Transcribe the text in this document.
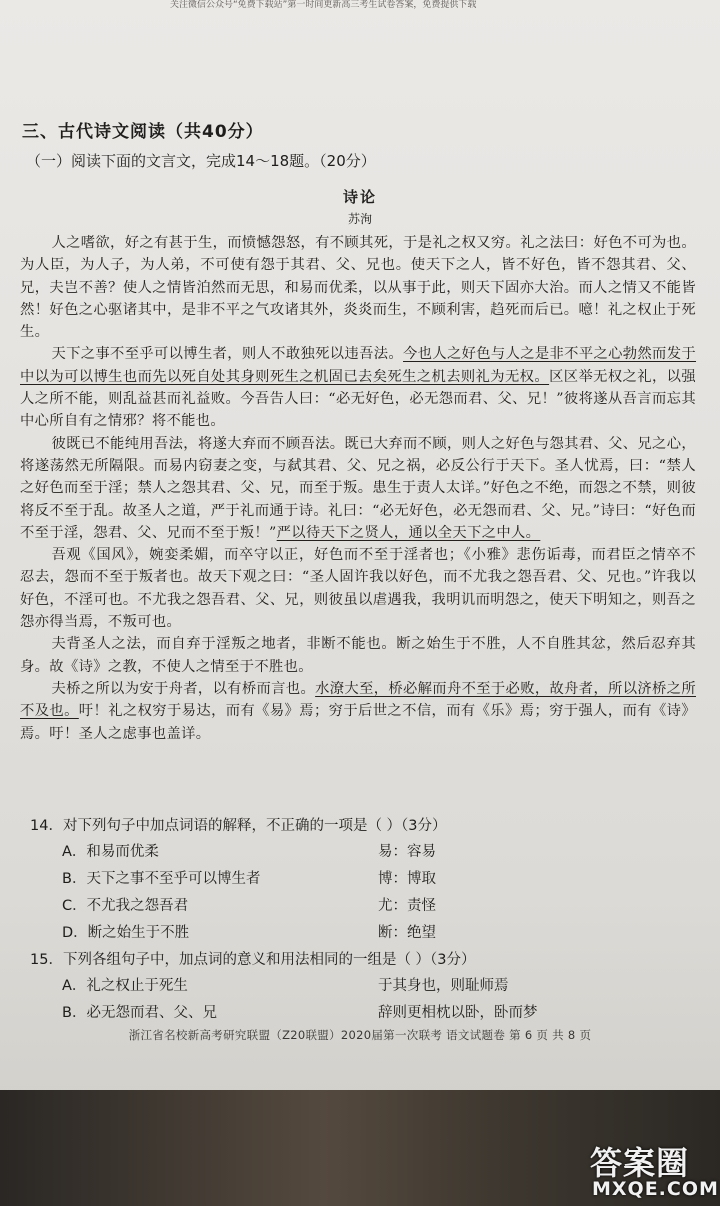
关注微信公众号“免费下载站”第一时间更新高三考生试卷答案，免费提供下载
三、古代诗文阅读（共40分）
（一）阅读下面的文言文，完成14～18题。（20分）
诗论
苏洵

人之嗜欲，好之有甚于生，而愤憾怨怒，有不顾其死，于是礼之权又穷。礼之法曰：好色不可为也。为人臣，为人子，为人弟，不可使有怨于其君、父、兄也。使天下之人，皆不好色，皆不怨其君、父、兄，夫岂不善？使人之情皆泊然而无思，和易而优柔，以从事于此，则天下固亦大治。而人之情又不能皆然！好色之心驱诸其中，是非不平之气攻诸其外，炎炎而生，不顾利害，趋死而后已。噫！礼之权止于死生。

天下之事不至乎可以博生者，则人不敢独死以违吾法。今也人之好色与人之是非不平之心勃然而发于中以为可以博生也而先以死自处其身则死生之机固已去矣死生之机去则礼为无权。区区举无权之礼，以强人之所不能，则乱益甚而礼益败。今吾告人曰：“必无好色，必无怨而君、父、兄！”彼将遂从吾言而忘其中心所自有之情邪？将不能也。

彼既已不能纯用吾法，将遂大弃而不顾吾法。既已大弃而不顾，则人之好色与怨其君、父、兄之心，将遂荡然无所隔限。而易内窃妻之变，与弑其君、父、兄之祸，必反公行于天下。圣人忧焉，曰：“禁人之好色而至于淫；禁人之怨其君、父、兄，而至于叛。患生于责人太详。”好色之不绝，而怨之不禁，则彼将反不至于乱。故圣人之道，严于礼而通于诗。礼曰：“必无好色，必无怨而君、父、兄。”诗曰：“好色而不至于淫，怨君、父、兄而不至于叛！”严以待天下之贤人，通以全天下之中人。

吾观《国风》，婉娈柔媚，而卒守以正，好色而不至于淫者也；《小雅》悲伤诟毒，而君臣之情卒不忍去，怨而不至于叛者也。故天下观之曰：“圣人固许我以好色，而不尤我之怨吾君、父、兄也。”许我以好色，不淫可也。不尤我之怨吾君、父、兄，则彼虽以虐遇我，我明讥而明怨之，使天下明知之，则吾之怨亦得当焉，不叛可也。

夫背圣人之法，而自弃于淫叛之地者，非断不能也。断之始生于不胜，人不自胜其忿，然后忍弃其身。故《诗》之教，不使人之情至于不胜也。

夫桥之所以为安于舟者，以有桥而言也。水潦大至，桥必解而舟不至于必败，故舟者，所以济桥之所不及也。吁！礼之权穷于易达，而有《易》焉；穷于后世之不信，而有《乐》焉；穷于强人，而有《诗》焉。吁！圣人之虑事也盖详。

14．对下列句子中加点词语的解释，不正确的一项是（ ）（3分）
A．和易而优柔	易：容易
B．天下之事不至乎可以博生者	博：博取
C．不尤我之怨吾君	尤：责怪
D．断之始生于不胜	断：绝望
15．下列各组句子中，加点词的意义和用法相同的一组是（ ）（3分）
A．礼之权止于死生	于其身也，则耻师焉
B．必无怨而君、父、兄	辞则更相枕以卧，卧而梦
浙江省名校新高考研究联盟（Z20联盟）2020届第一次联考 语文试题卷 第 6 页 共 8 页
答案圈
MXQE.COM
